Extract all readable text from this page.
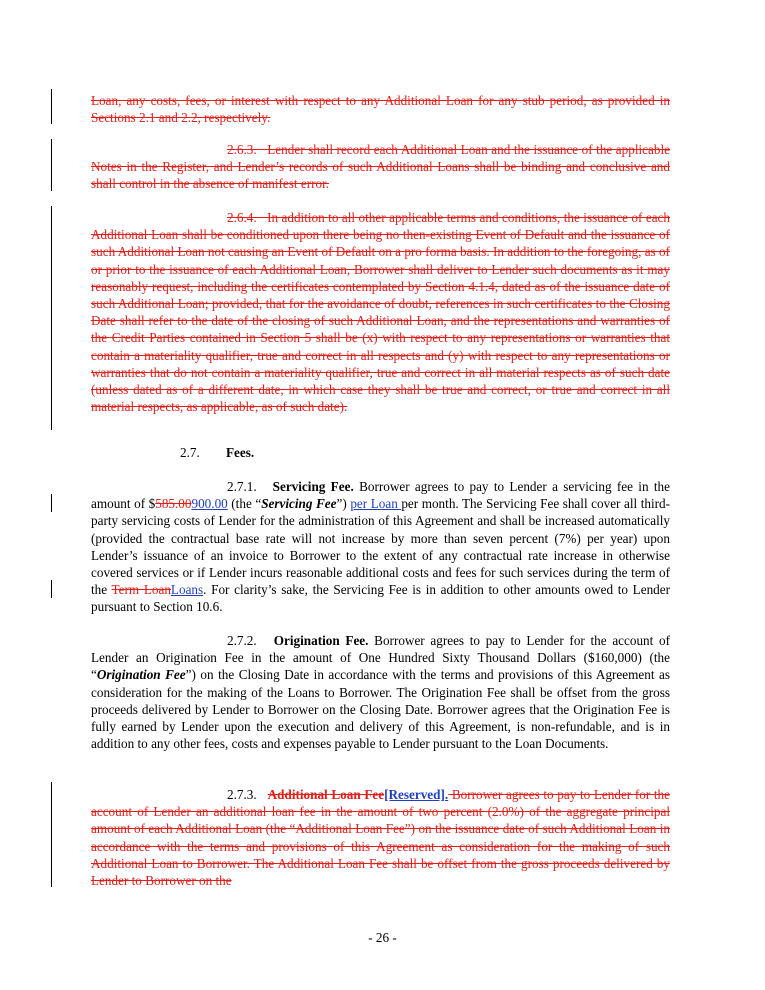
Loan, any costs, fees, or interest with respect to any Additional Loan for any stub period, as provided in Sections 2.1 and 2.2, respectively.
2.6.3. Lender shall record each Additional Loan and the issuance of the applicable Notes in the Register, and Lender’s records of such Additional Loans shall be binding and conclusive and shall control in the absence of manifest error.
2.6.4. In addition to all other applicable terms and conditions, the issuance of each Additional Loan shall be conditioned upon there being no then-existing Event of Default and the issuance of such Additional Loan not causing an Event of Default on a pro forma basis. In addition to the foregoing, as of or prior to the issuance of each Additional Loan, Borrower shall deliver to Lender such documents as it may reasonably request, including the certificates contemplated by Section 4.1.4, dated as of the issuance date of such Additional Loan; provided, that for the avoidance of doubt, references in such certificates to the Closing Date shall refer to the date of the closing of such Additional Loan, and the representations and warranties of the Credit Parties contained in Section 5 shall be (x) with respect to any representations or warranties that contain a materiality qualifier, true and correct in all respects and (y) with respect to any representations or warranties that do not contain a materiality qualifier, true and correct in all material respects as of such date (unless dated as of a different date, in which case they shall be true and correct, or true and correct in all material respects, as applicable, as of such date).
2.7. Fees.
2.7.1. Servicing Fee. Borrower agrees to pay to Lender a servicing fee in the amount of $585.00900.00 (the “Servicing Fee”) per Loan per month. The Servicing Fee shall cover all third-party servicing costs of Lender for the administration of this Agreement and shall be increased automatically (provided the contractual base rate will not increase by more than seven percent (7%) per year) upon Lender’s issuance of an invoice to Borrower to the extent of any contractual rate increase in otherwise covered services or if Lender incurs reasonable additional costs and fees for such services during the term of the Term LoanLoans. For clarity’s sake, the Servicing Fee is in addition to other amounts owed to Lender pursuant to Section 10.6.
2.7.2. Origination Fee. Borrower agrees to pay to Lender for the account of Lender an Origination Fee in the amount of One Hundred Sixty Thousand Dollars ($160,000) (the “Origination Fee”) on the Closing Date in accordance with the terms and provisions of this Agreement as consideration for the making of the Loans to Borrower. The Origination Fee shall be offset from the gross proceeds delivered by Lender to Borrower on the Closing Date. Borrower agrees that the Origination Fee is fully earned by Lender upon the execution and delivery of this Agreement, is non-refundable, and is in addition to any other fees, costs and expenses payable to Lender pursuant to the Loan Documents.
2.7.3. Additional Loan Fee[Reserved]. Borrower agrees to pay to Lender for the account of Lender an additional loan fee in the amount of two percent (2.0%) of the aggregate principal amount of each Additional Loan (the “Additional Loan Fee”) on the issuance date of such Additional Loan in accordance with the terms and provisions of this Agreement as consideration for the making of such Additional Loan to Borrower. The Additional Loan Fee shall be offset from the gross proceeds delivered by Lender to Borrower on the
- 26 -
